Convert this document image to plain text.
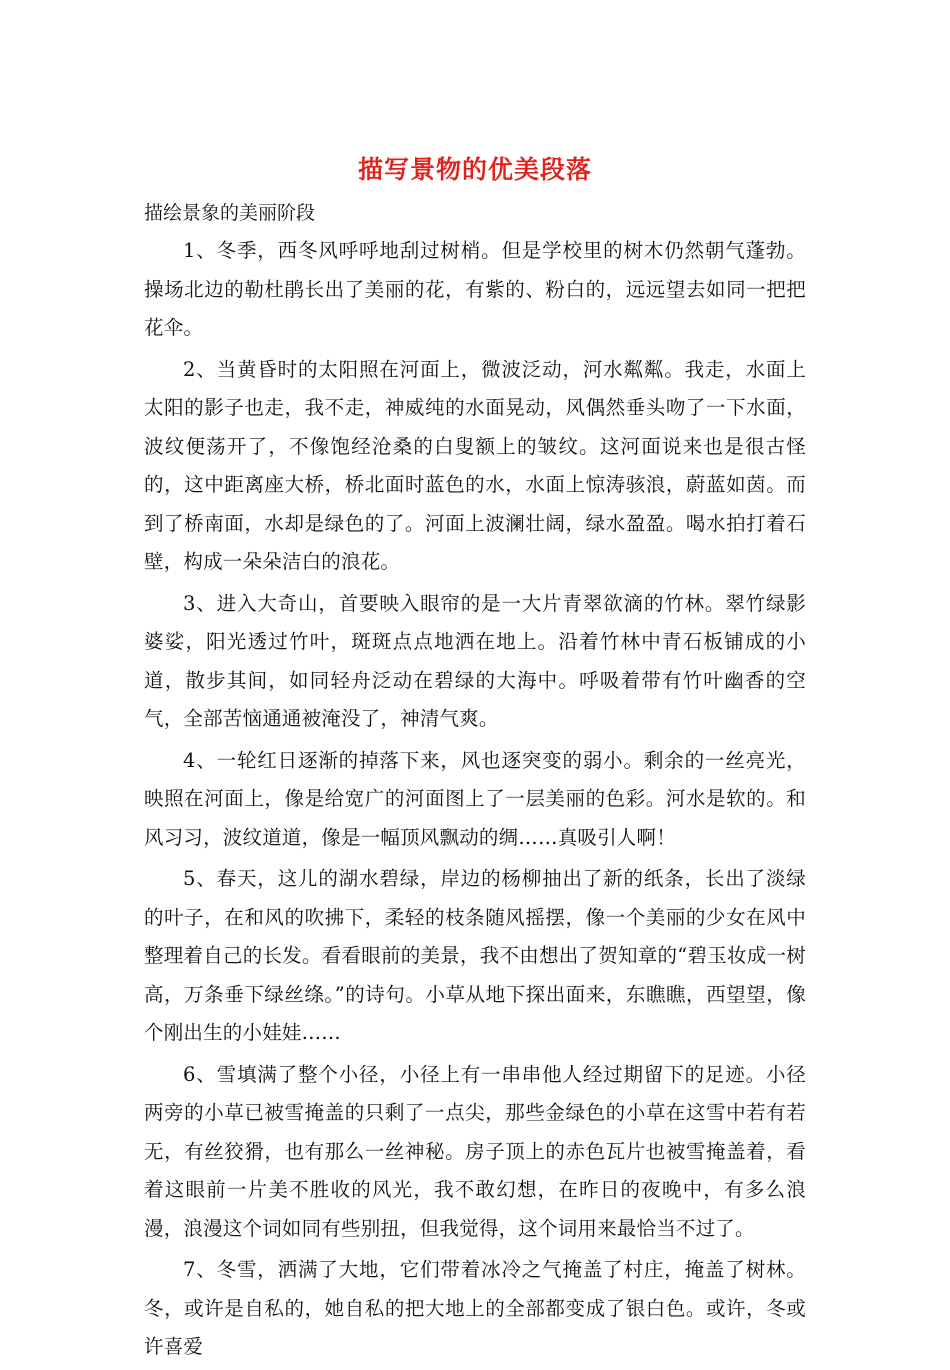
描写景物的优美段落
描绘景象的美丽阶段

1、冬季，西冬风呼呼地刮过树梢。但是学校里的树木仍然朝气蓬勃。操场北边的勒杜鹃长出了美丽的花，有紫的、粉白的，远远望去如同一把把花伞。

2、当黄昏时的太阳照在河面上，微波泛动，河水粼粼。我走，水面上太阳的影子也走，我不走，神威纯的水面晃动，风偶然垂头吻了一下水面，波纹便荡开了，不像饱经沧桑的白叟额上的皱纹。这河面说来也是很古怪的，这中距离座大桥，桥北面时蓝色的水，水面上惊涛骇浪，蔚蓝如茵。而到了桥南面，水却是绿色的了。河面上波澜壮阔，绿水盈盈。喝水拍打着石壁，构成一朵朵洁白的浪花。

3、进入大奇山，首要映入眼帘的是一大片青翠欲滴的竹林。翠竹绿影婆娑，阳光透过竹叶，斑斑点点地洒在地上。沿着竹林中青石板铺成的小道，散步其间，如同轻舟泛动在碧绿的大海中。呼吸着带有竹叶幽香的空气，全部苦恼通通被淹没了，神清气爽。

4、一轮红日逐渐的掉落下来，风也逐突变的弱小。剩余的一丝亮光，映照在河面上，像是给宽广的河面图上了一层美丽的色彩。河水是软的。和风习习，波纹道道，像是一幅顶风飘动的绸……真吸引人啊！

5、春天，这儿的湖水碧绿，岸边的杨柳抽出了新的纸条，长出了淡绿的叶子，在和风的吹拂下，柔轻的枝条随风摇摆，像一个美丽的少女在风中整理着自己的长发。看看眼前的美景，我不由想出了贺知章的“碧玉妆成一树高，万条垂下绿丝绦。”的诗句。小草从地下探出面来，东瞧瞧，西望望，像个刚出生的小娃娃……

6、雪填满了整个小径，小径上有一串串他人经过期留下的足迹。小径两旁的小草已被雪掩盖的只剩了一点尖，那些金绿色的小草在这雪中若有若无，有丝狡猾，也有那么一丝神秘。房子顶上的赤色瓦片也被雪掩盖着，看着这眼前一片美不胜收的风光，我不敢幻想，在昨日的夜晚中，有多么浪漫，浪漫这个词如同有些别扭，但我觉得，这个词用来最恰当不过了。

7、冬雪，洒满了大地，它们带着冰冷之气掩盖了村庄，掩盖了树林。冬，或许是自私的，她自私的把大地上的全部都变成了银白色。或许，冬或许喜爱
